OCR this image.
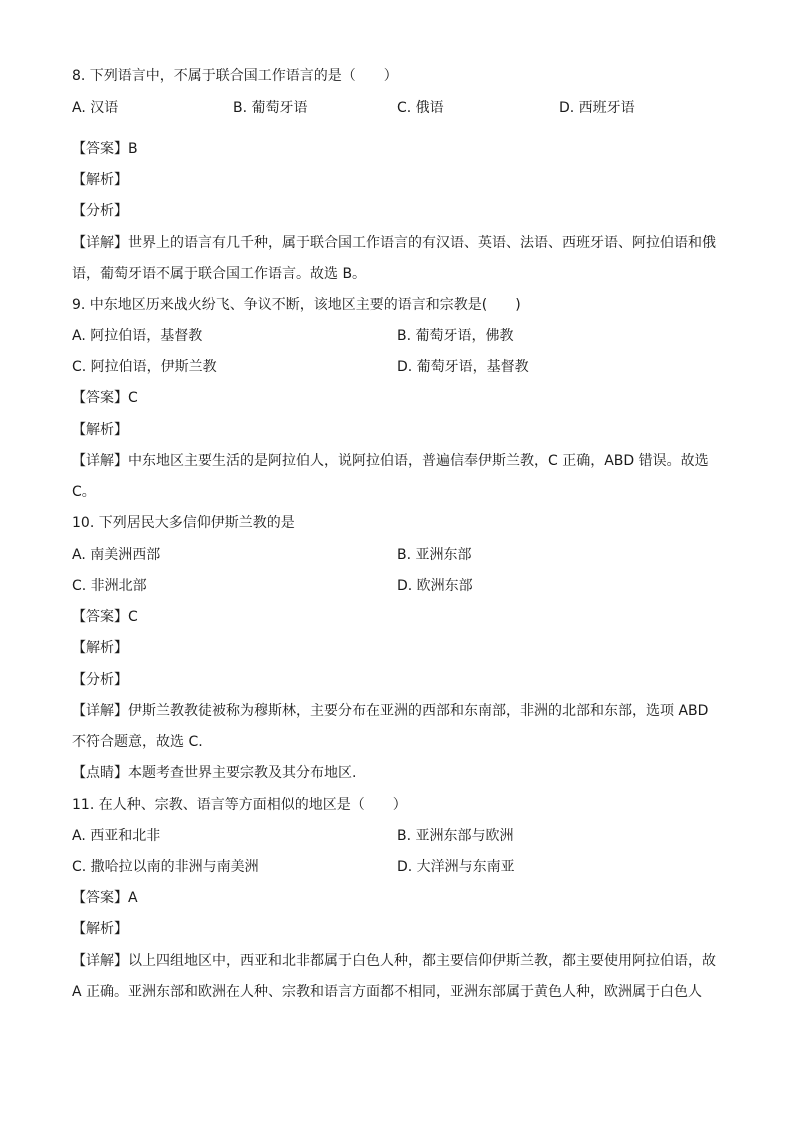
8. 下列语言中，不属于联合国工作语言的是（　　）
A. 汉语	B. 葡萄牙语	C. 俄语	D. 西班牙语
【答案】B
【解析】
【分析】
【详解】世界上的语言有几千种，属于联合国工作语言的有汉语、英语、法语、西班牙语、阿拉伯语和俄
语，葡萄牙语不属于联合国工作语言。故选 B。
9. 中东地区历来战火纷飞、争议不断，该地区主要的语言和宗教是(　　)
A. 阿拉伯语，基督教	B. 葡萄牙语，佛教
C. 阿拉伯语，伊斯兰教	D. 葡萄牙语，基督教
【答案】C
【解析】
【详解】中东地区主要生活的是阿拉伯人，说阿拉伯语，普遍信奉伊斯兰教，C 正确，ABD 错误。故选
C。
10. 下列居民大多信仰伊斯兰教的是
A. 南美洲西部	B. 亚洲东部
C. 非洲北部	D. 欧洲东部
【答案】C
【解析】
【分析】
【详解】伊斯兰教教徒被称为穆斯林，主要分布在亚洲的西部和东南部，非洲的北部和东部，选项 ABD
不符合题意，故选 C.
【点睛】本题考查世界主要宗教及其分布地区.
11. 在人种、宗教、语言等方面相似的地区是（　　）
A. 西亚和北非	B. 亚洲东部与欧洲
C. 撒哈拉以南的非洲与南美洲	D. 大洋洲与东南亚
【答案】A
【解析】
【详解】以上四组地区中，西亚和北非都属于白色人种，都主要信仰伊斯兰教，都主要使用阿拉伯语，故
A 正确。亚洲东部和欧洲在人种、宗教和语言方面都不相同，亚洲东部属于黄色人种，欧洲属于白色人
